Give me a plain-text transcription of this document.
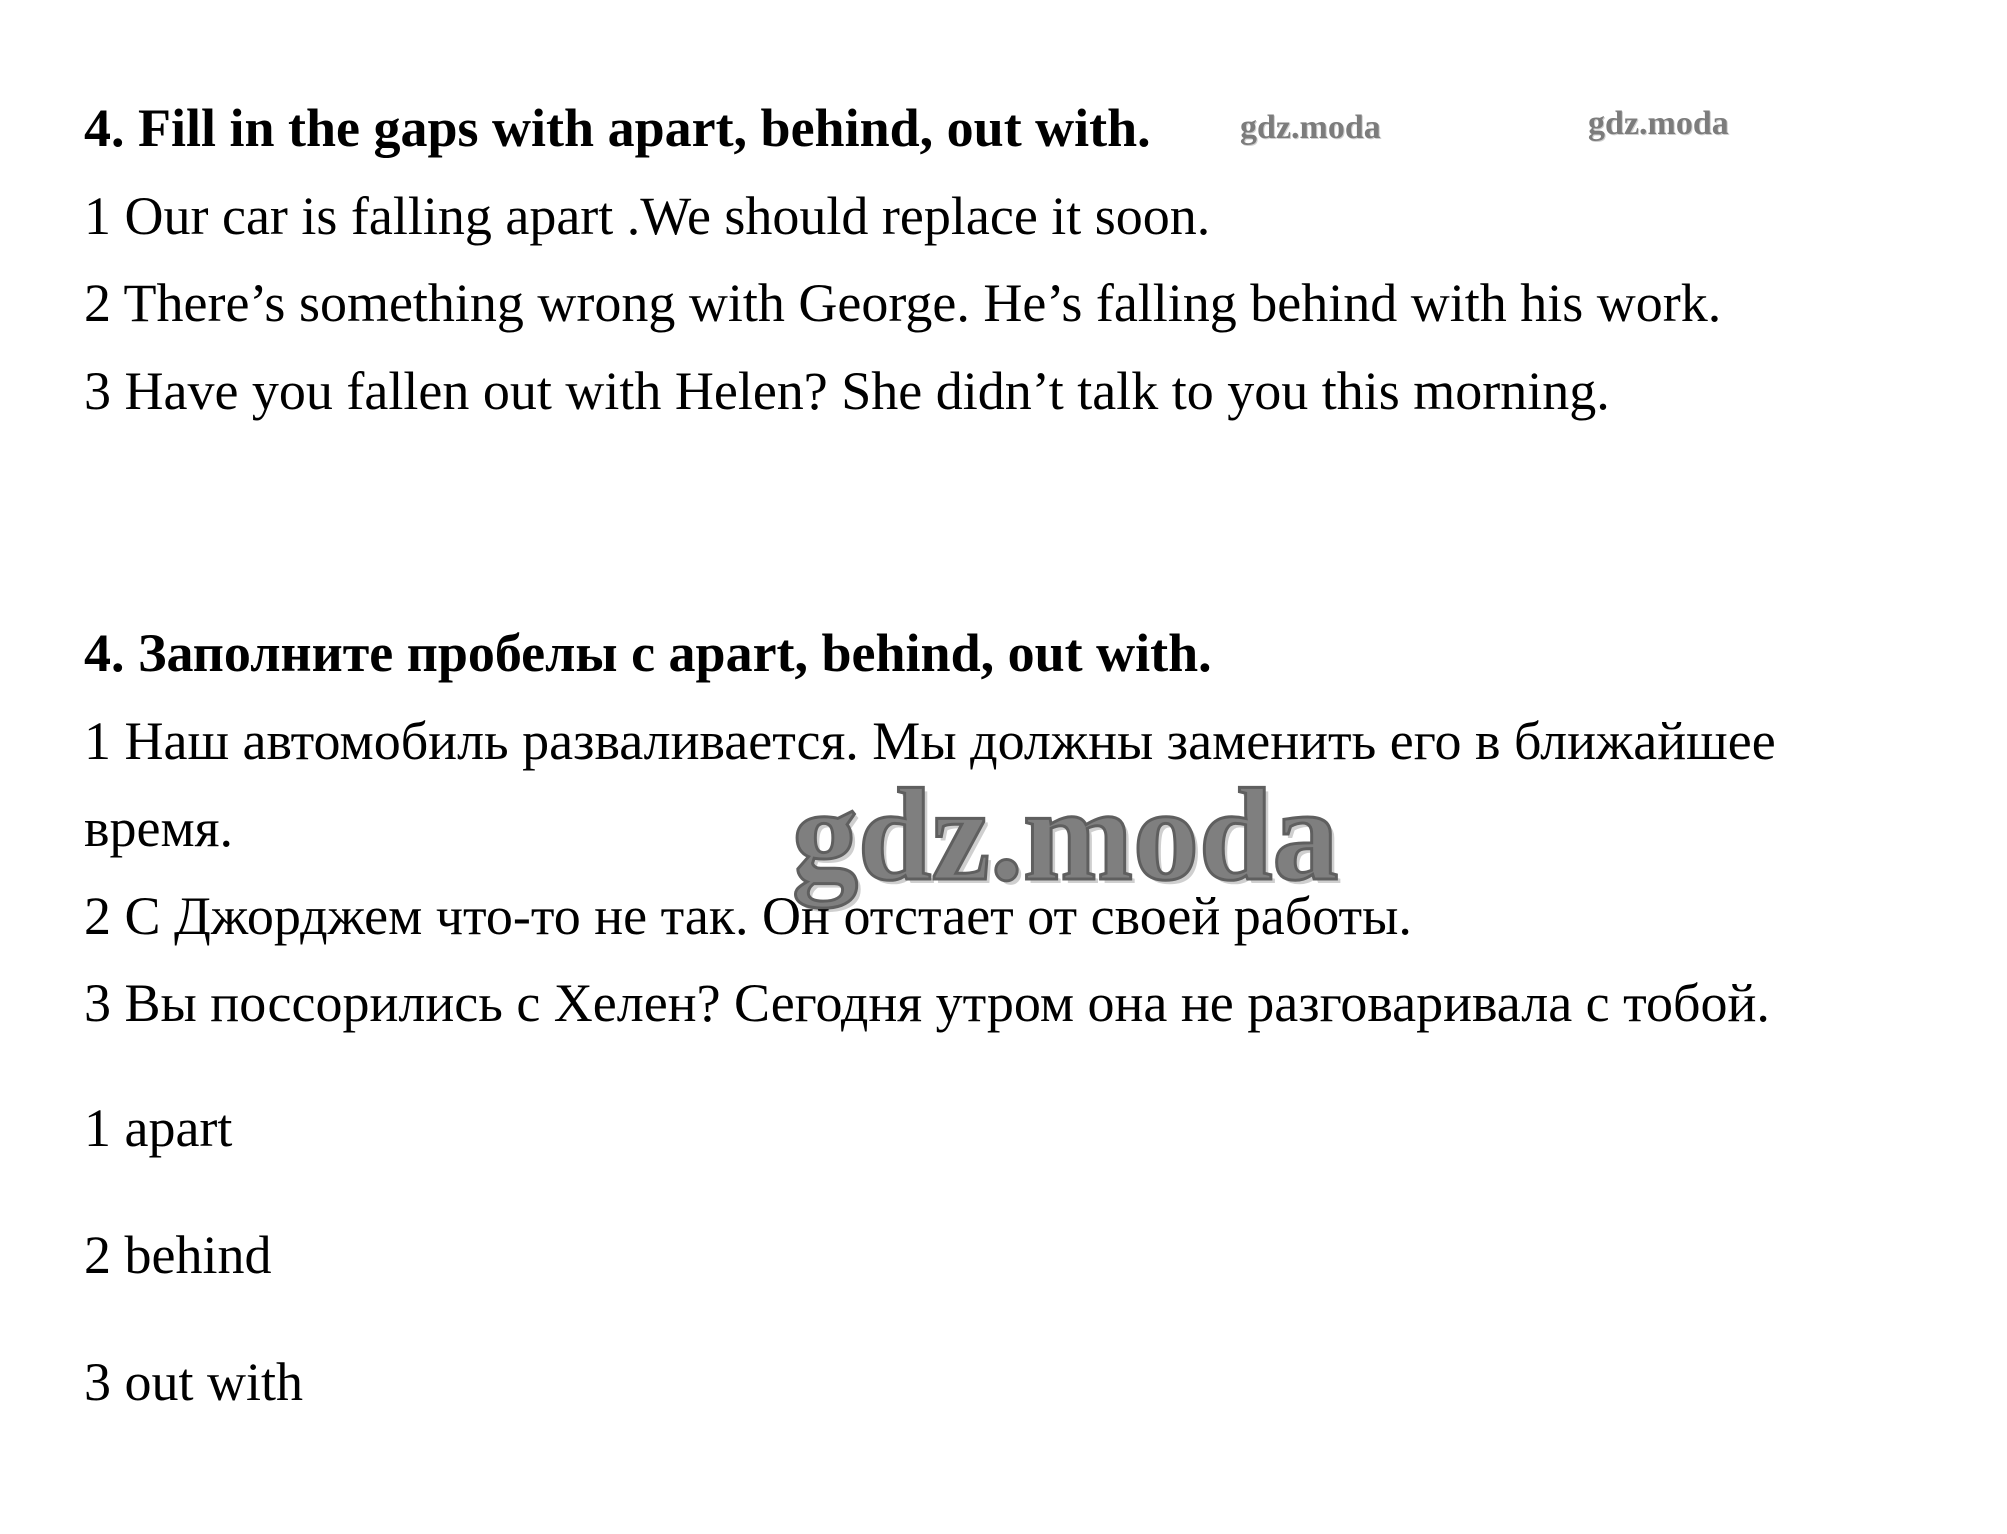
4. Fill in the gaps with apart, behind, out with.	gdz.moda	gdz.moda

1 Our car is falling apart .We should replace it soon.

2 There’s something wrong with George. He’s falling behind with his work.

3 Have you fallen out with Helen? She didn’t talk to you this morning.

4. Заполните пробелы с apart, behind, out with.

1 Наш автомобиль разваливается. Мы должны заменить его в ближайшее

время.	gdz.moda

2 С Джорджем что-то не так. Он отстает от своей работы.

3 Вы поссорились с Хелен? Сегодня утром она не разговаривала с тобой.

1 apart

2 behind

3 out with
